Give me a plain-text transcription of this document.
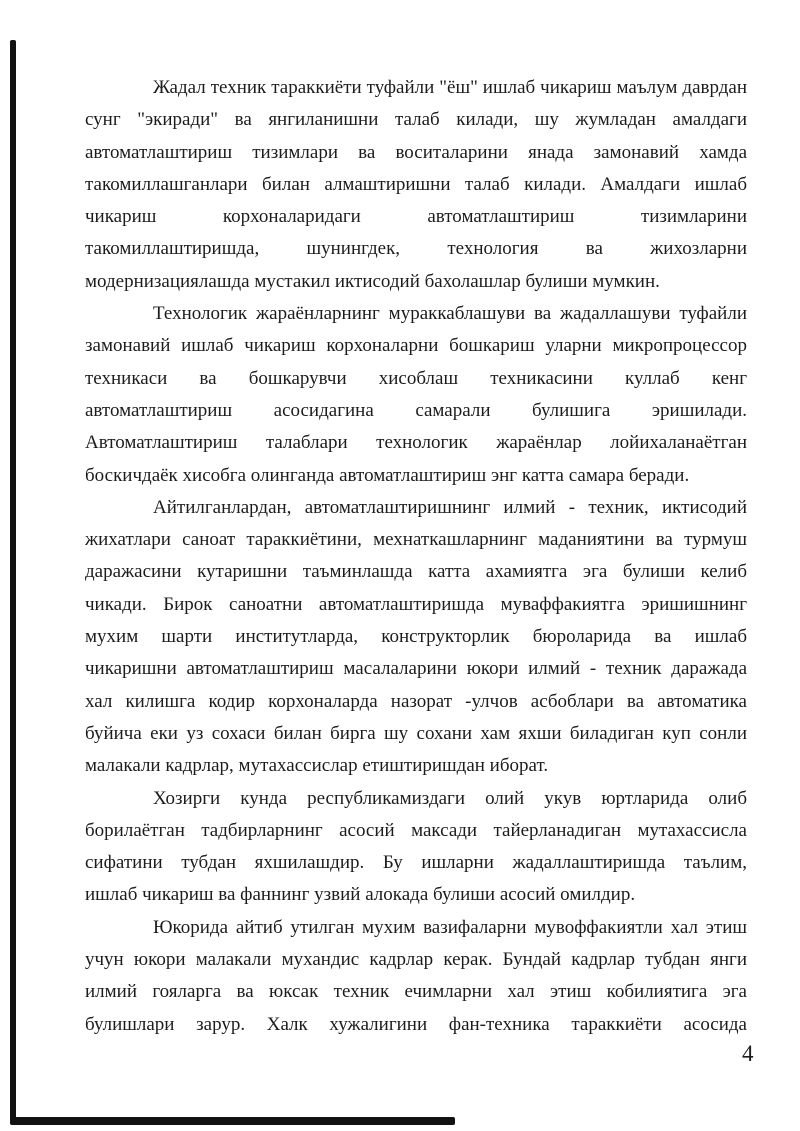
Жадал техник тараккиёти туфайли "ёш" ишлаб чикариш маълум даврдан
сунг "экиради" ва янгиланишни талаб килади, шу жумладан амалдаги
автоматлаштириш тизимлари ва воситаларини янада замонавий хамда
такомиллашганлари билан алмаштиришни талаб килади. Амалдаги ишлаб
чикариш корхоналаридаги автоматлаштириш тизимларини
такомиллаштиришда, шунингдек, технология ва жихозларни
модернизациялашда мустакил иктисодий бахолашлар булиши мумкин.
Технологик жараёнларнинг мураккаблашуви ва жадаллашуви туфайли
замонавий ишлаб чикариш корхоналарни бошкариш уларни микропроцессор
техникаси ва бошкарувчи хисоблаш техникасини куллаб кенг
автоматлаштириш асосидагина самарали булишига эришилади.
Автоматлаштириш талаблари технологик жараёнлар лойихаланаётган
боскичдаёк хисобга олинганда автоматлаштириш энг катта самара беради.
Айтилганлардан, автоматлаштиришнинг илмий - техник, иктисодий
жихатлари саноат тараккиётини, мехнаткашларнинг маданиятини ва турмуш
даражасини кутаришни таъминлашда катта ахамиятга эга булиши келиб
чикади. Бирок саноатни автоматлаштиришда муваффакиятга эришишнинг
мухим шарти институтларда, конструкторлик бюроларида ва ишлаб
чикаришни автоматлаштириш масалаларини юкори илмий - техник даражада
хал килишга кодир корхоналарда назорат -улчов асбоблари ва автоматика
буйича еки уз сохаси билан бирга шу сохани хам яхши биладиган куп сонли
малакали кадрлар, мутахассислар етиштиришдан иборат.
Хозирги кунда республикамиздаги олий укув юртларида олиб
борилаётган тадбирларнинг асосий максади тайерланадиган мутахассисла
сифатини тубдан яхшилашдир. Бу ишларни жадаллаштиришда таълим,
ишлаб чикариш ва фаннинг узвий алокада булиши асосий омилдир.
Юкорида айтиб утилган мухим вазифаларни мувоффакиятли хал этиш
учун юкори малакали мухандис кадрлар керак. Бундай кадрлар тубдан янги
илмий гояларга ва юксак техник ечимларни хал этиш кобилиятига эга
булишлари зарур. Халк хужалигини фан-техника тараккиёти асосида
4
